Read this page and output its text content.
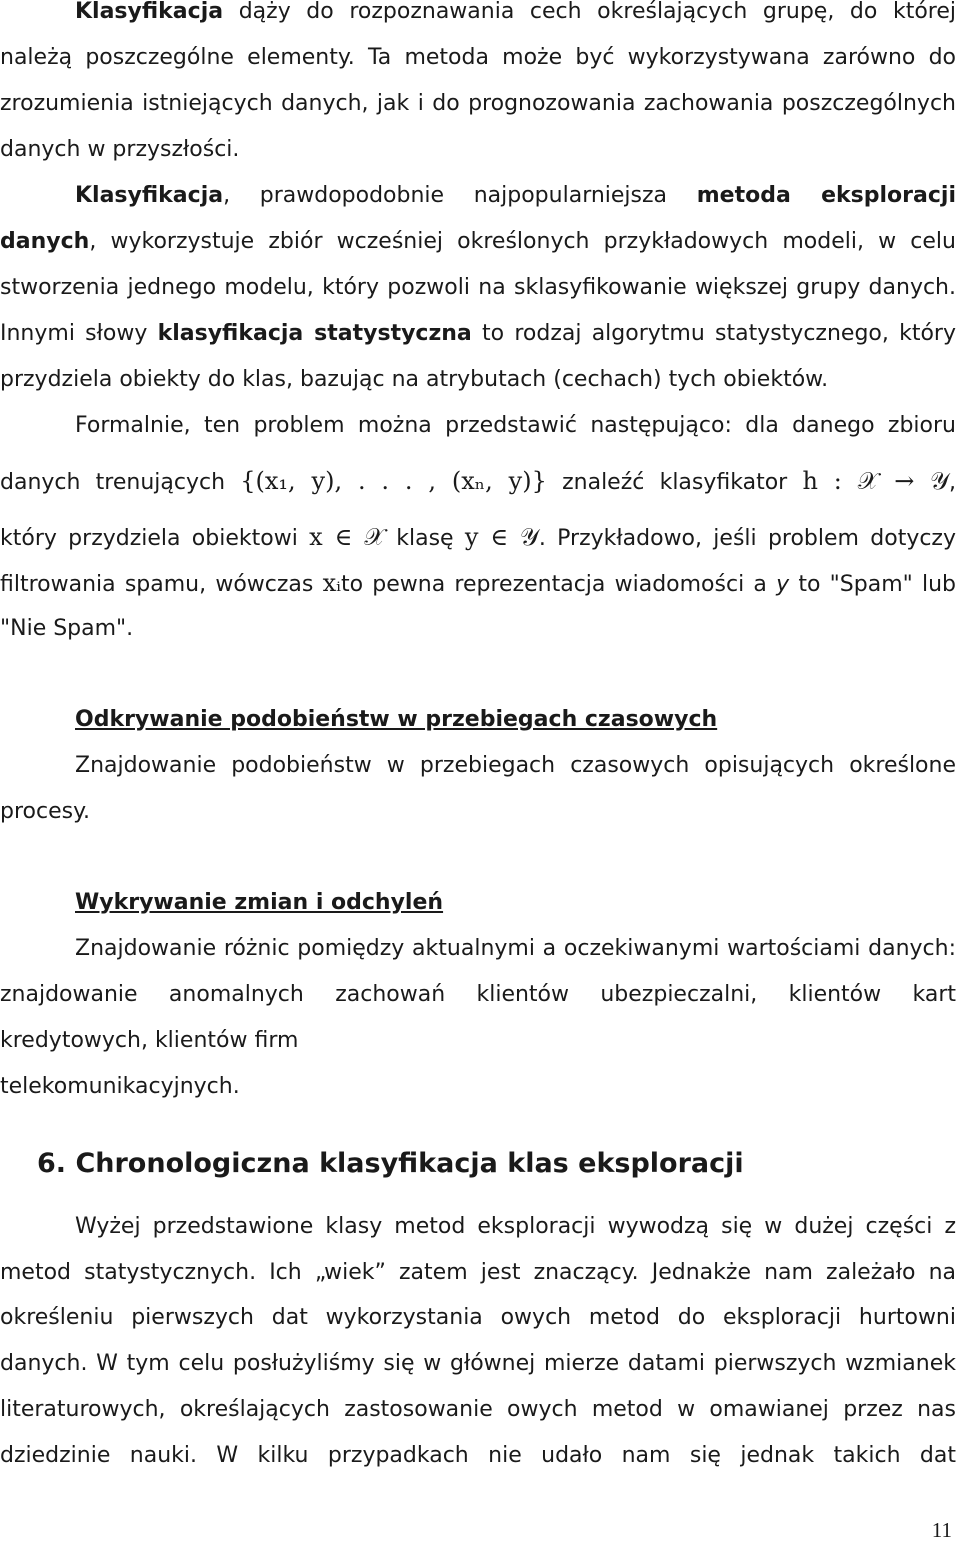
Klasyfikacja dąży do rozpoznawania cech określających grupę, do której
należą poszczególne elementy. Ta metoda może być wykorzystywana zarówno do
zrozumienia istniejących danych, jak i do prognozowania zachowania poszczególnych
danych w przyszłości.
Klasyfikacja, prawdopodobnie najpopularniejsza metoda eksploracji
danych, wykorzystuje zbiór wcześniej określonych przykładowych modeli, w celu
stworzenia jednego modelu, który pozwoli na sklasyfikowanie większej grupy danych.
Innymi słowy klasyfikacja statystyczna to rodzaj algorytmu statystycznego, który
przydziela obiekty do klas, bazując na atrybutach (cechach) tych obiektów.
Formalnie, ten problem można przedstawić następująco: dla danego zbioru
danych trenujących {(x₁, y), . . . , (xₙ, y)} znaleźć klasyfikator h : 𝒳 → 𝒴,
który przydziela obiektowi x ∈ 𝒳 klasę y ∈ 𝒴. Przykładowo, jeśli problem dotyczy
filtrowania spamu, wówczas xᵢto pewna reprezentacja wiadomości a y to "Spam" lub
"Nie Spam".
Odkrywanie podobieństw w przebiegach czasowych
Znajdowanie podobieństw w przebiegach czasowych opisujących określone
procesy.
Wykrywanie zmian i odchyleń
Znajdowanie różnic pomiędzy aktualnymi a oczekiwanymi wartościami danych:
znajdowanie anomalnych zachowań klientów ubezpieczalni, klientów kart
kredytowych, klientów firm
telekomunikacyjnych.
6. Chronologiczna klasyfikacja klas eksploracji
Wyżej przedstawione klasy metod eksploracji wywodzą się w dużej części z
metod statystycznych. Ich „wiek” zatem jest znaczący. Jednakże nam zależało na
określeniu pierwszych dat wykorzystania owych metod do eksploracji hurtowni
danych. W tym celu posłużyliśmy się w głównej mierze datami pierwszych wzmianek
literaturowych, określających zastosowanie owych metod w omawianej przez nas
dziedzinie nauki. W kilku przypadkach nie udało nam się jednak takich dat
11
